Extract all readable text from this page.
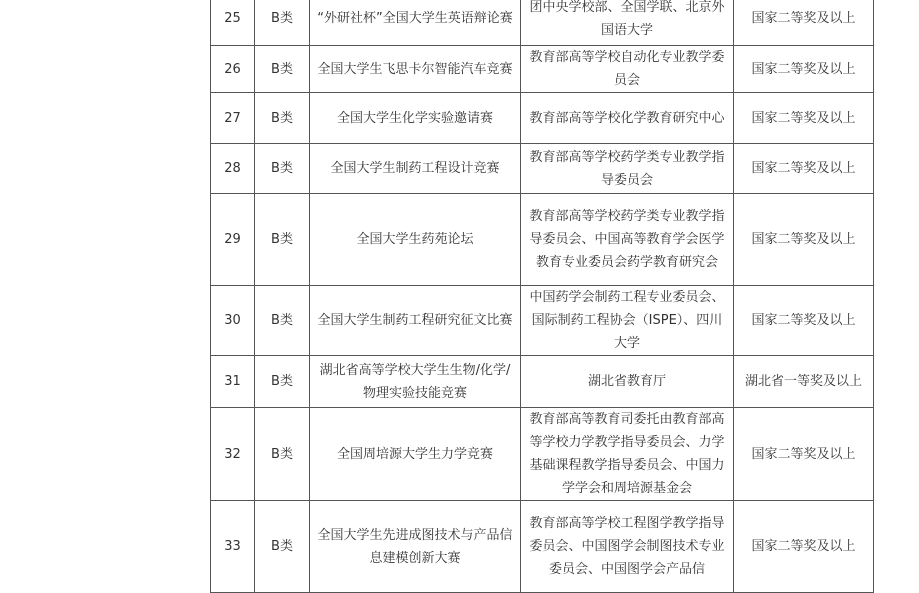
25	B类	“外研社杯”全国大学生英语辩论赛	团中央学校部、全国学联、北京外国语大学	国家二等奖及以上
26	B类	全国大学生飞思卡尔智能汽车竞赛	教育部高等学校自动化专业教学委员会	国家二等奖及以上
27	B类	全国大学生化学实验邀请赛	教育部高等学校化学教育研究中心	国家二等奖及以上
28	B类	全国大学生制药工程设计竞赛	教育部高等学校药学类专业教学指导委员会	国家二等奖及以上
29	B类	全国大学生药苑论坛	教育部高等学校药学类专业教学指导委员会、中国高等教育学会医学教育专业委员会药学教育研究会	国家二等奖及以上
30	B类	全国大学生制药工程研究征文比赛	中国药学会制药工程专业委员会、国际制药工程协会（ISPE）、四川大学	国家二等奖及以上
31	B类	湖北省高等学校大学生生物/化学/物理实验技能竞赛	湖北省教育厅	湖北省一等奖及以上
32	B类	全国周培源大学生力学竞赛	教育部高等教育司委托由教育部高等学校力学教学指导委员会、力学基础课程教学指导委员会、中国力学学会和周培源基金会	国家二等奖及以上
33	B类	全国大学生先进成图技术与产品信息建模创新大赛	教育部高等学校工程图学教学指导委员会、中国图学会制图技术专业委员会、中国图学会产品信	国家二等奖及以上
